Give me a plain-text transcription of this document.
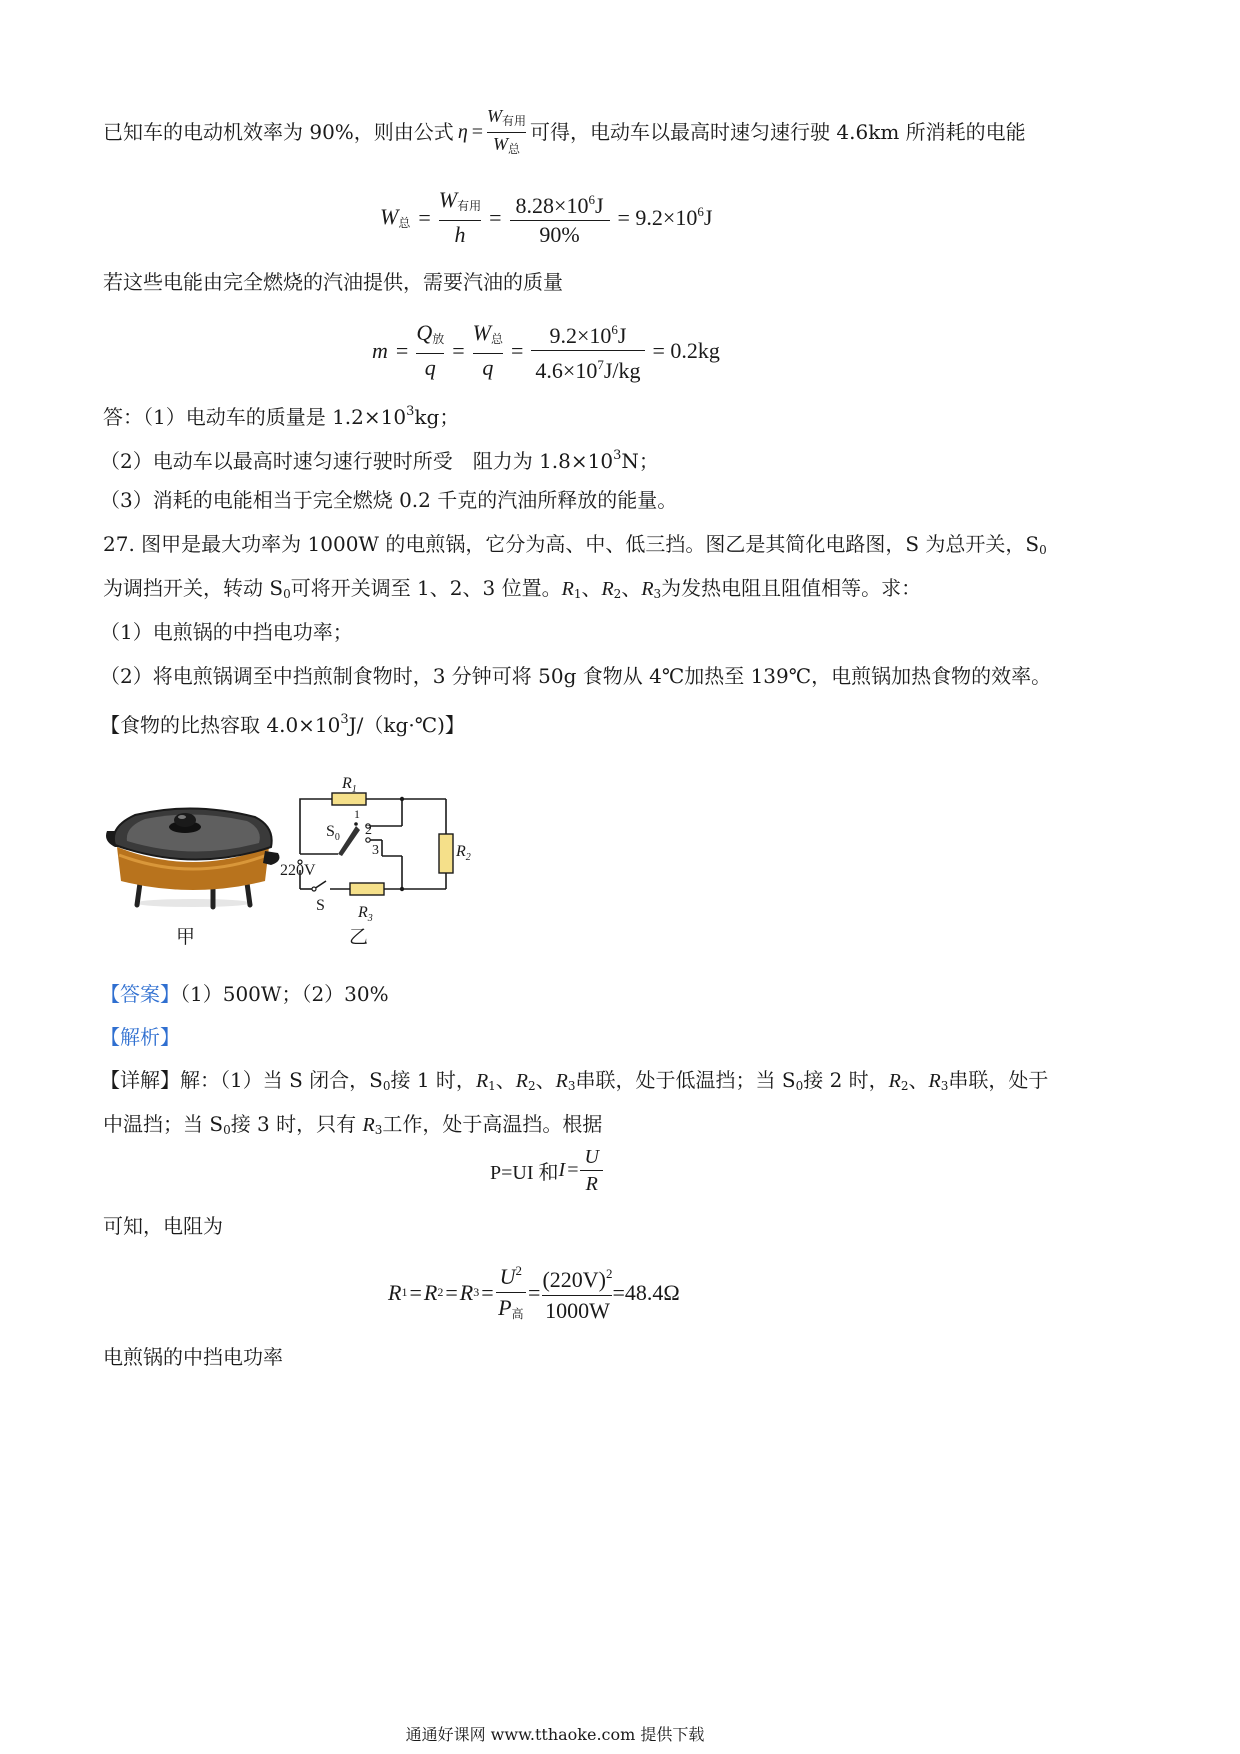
已知车的电动机效率为 90%，则由公式 $\eta = \frac{W_{有用}}{W_总}$ 可得，电动车以最高时速匀速行驶 4.6km 所消耗的电能
$W_总 = \frac{W_{有用}}{h} = \frac{8.28\times 10^6J}{90\%} = 9.2\times 10^6J$
若这些电能由完全燃烧的汽油提供，需要汽油的质量
$m = \frac{Q_放}{q} = \frac{W_总}{q} = \frac{9.2\times 10^6J}{4.6\times 10^7J/kg} = 0.2kg$
答：（1）电动车的质量是 $1.2\times 10^3kg$；
（2）电动车以最高时速匀速行驶时所受　阻力为 $1.8\times 10^3N$；
（3）消耗的电能相当于完全燃烧 0.2 千克的汽油所释放的能量。
27. 图甲是最大功率为 1000W 的电煎锅，它分为高、中、低三挡。图乙是其简化电路图，S 为总开关，$S_0$
为调挡开关，转动 $S_0$可将开关调至 1、2、3 位置。$R_1$、$R_2$、$R_3$为发热电阻且阻值相等。求：
（1）电煎锅的中挡电功率；
（2）将电煎锅调至中挡煎制食物时，3 分钟可将 50g 食物从 4℃加热至 139℃，电煎锅加热食物的效率。
【食物的比热容取 $4.0\times 10^3J/(kg\cdot℃)$】
甲
$R_1$
$R_2$
$R_3$
$S_0$
1
2
3
220V
S
乙
【答案】（1）500W；（2）30%
【解析】
【详解】解：（1）当 S 闭合，$S_0$接 1 时，$R_1$、$R_2$、$R_3$串联，处于低温挡；当 $S_0$接 2 时，$R_2$、$R_3$串联，处于
中温挡；当 $S_0$接 3 时，只有 $R_3$工作，处于高温挡。根据
P=UI 和 $I = \frac{U}{R}$
可知，电阻为
R 1 = R 2 = R $3 = \frac{U^2}{P_高} = \frac{(220V)^2}{1000W} =48.4\Omega$
电煎锅的中挡电功率
通通好课网 www.tthaoke.com 提供下载
